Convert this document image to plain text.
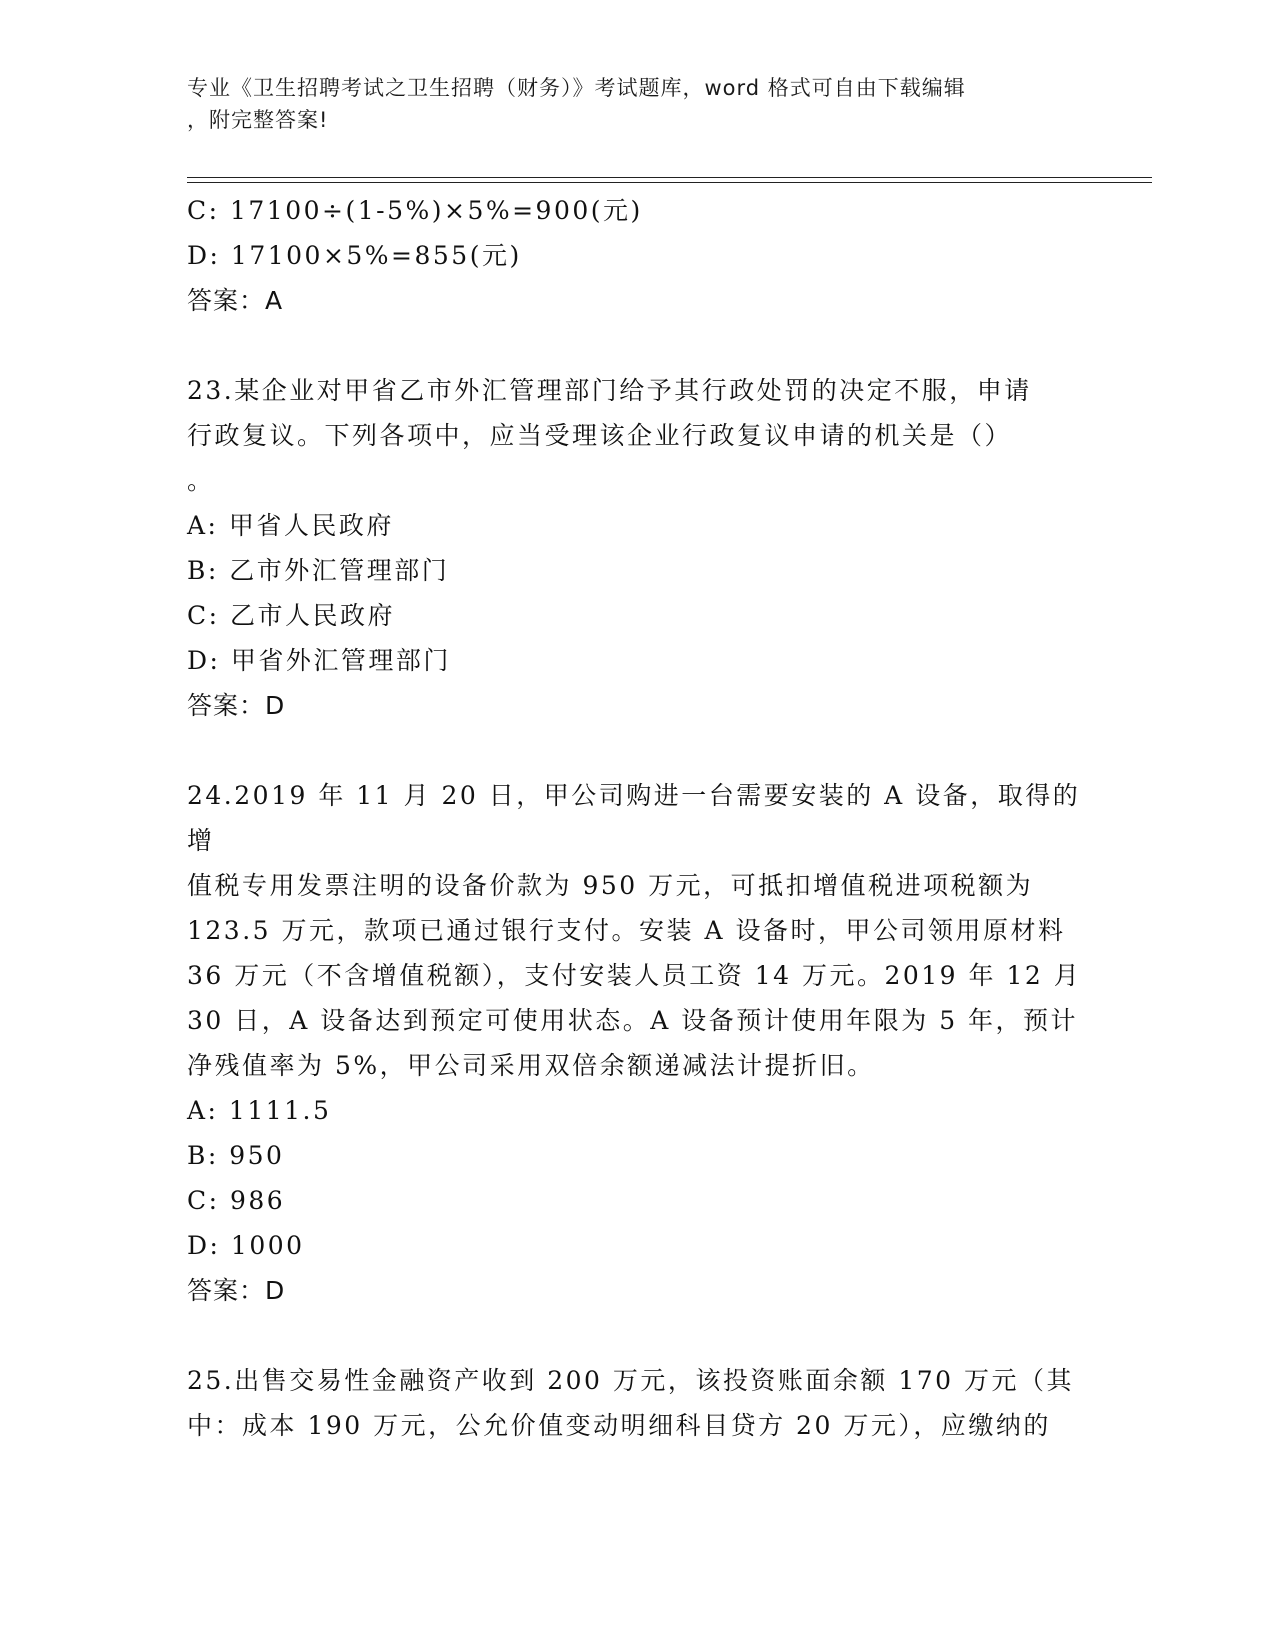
专业《卫生招聘考试之卫生招聘（财务）》考试题库，word 格式可自由下载编辑
，附完整答案!
C: 17100÷(1-5%)×5%=900(元)
D: 17100×5%=855(元)
答案：A
23.某企业对甲省乙市外汇管理部门给予其行政处罚的决定不服，申请
行政复议。下列各项中，应当受理该企业行政复议申请的机关是（）
。
A: 甲省人民政府
B: 乙市外汇管理部门
C: 乙市人民政府
D: 甲省外汇管理部门
答案：D
24.2019 年 11 月 20 日，甲公司购进一台需要安装的 A 设备，取得的增
值税专用发票注明的设备价款为 950 万元，可抵扣增值税进项税额为
123.5 万元，款项已通过银行支付。安装 A 设备时，甲公司领用原材料
36 万元（不含增值税额），支付安装人员工资 14 万元。2019 年 12 月
30 日，A 设备达到预定可使用状态。A 设备预计使用年限为 5 年，预计
净残值率为 5%，甲公司采用双倍余额递减法计提折旧。
A: 1111.5
B: 950
C: 986
D: 1000
答案：D
25.出售交易性金融资产收到 200 万元，该投资账面余额 170 万元（其
中：成本 190 万元，公允价值变动明细科目贷方 20 万元），应缴纳的
